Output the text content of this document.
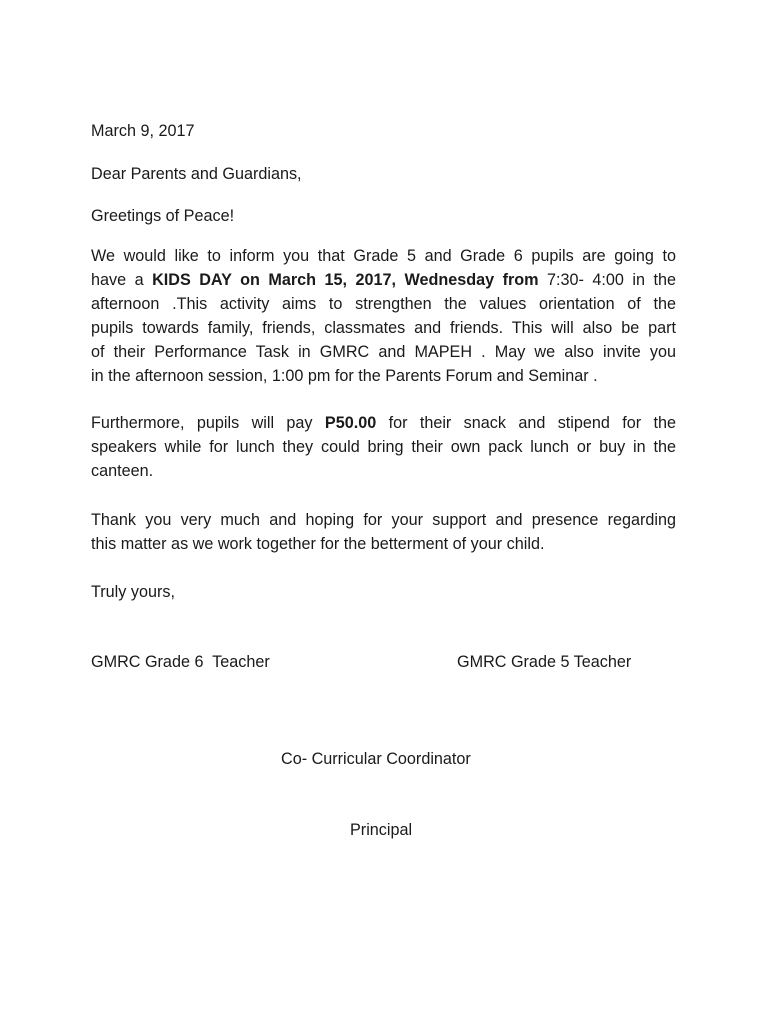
March 9, 2017
Dear Parents and Guardians,
Greetings of Peace!
We would like to inform you that Grade 5 and Grade 6 pupils are going to
have a KIDS DAY on March 15, 2017, Wednesday from 7:30- 4:00 in the
afternoon .This activity aims to strengthen the values orientation of the
pupils towards family, friends, classmates and friends. This will also be part
of their Performance Task in GMRC and MAPEH . May we also invite you
in the afternoon session, 1:00 pm for the Parents Forum and Seminar .
Furthermore, pupils will pay P50.00 for their snack and stipend for the
speakers while for lunch they could bring their own pack lunch or buy in the
canteen.
Thank you very much and hoping for your support and presence regarding
this matter as we work together for the betterment of your child.
Truly yours,
GMRC Grade 6  Teacher	GMRC Grade 5 Teacher
Co- Curricular Coordinator
Principal
